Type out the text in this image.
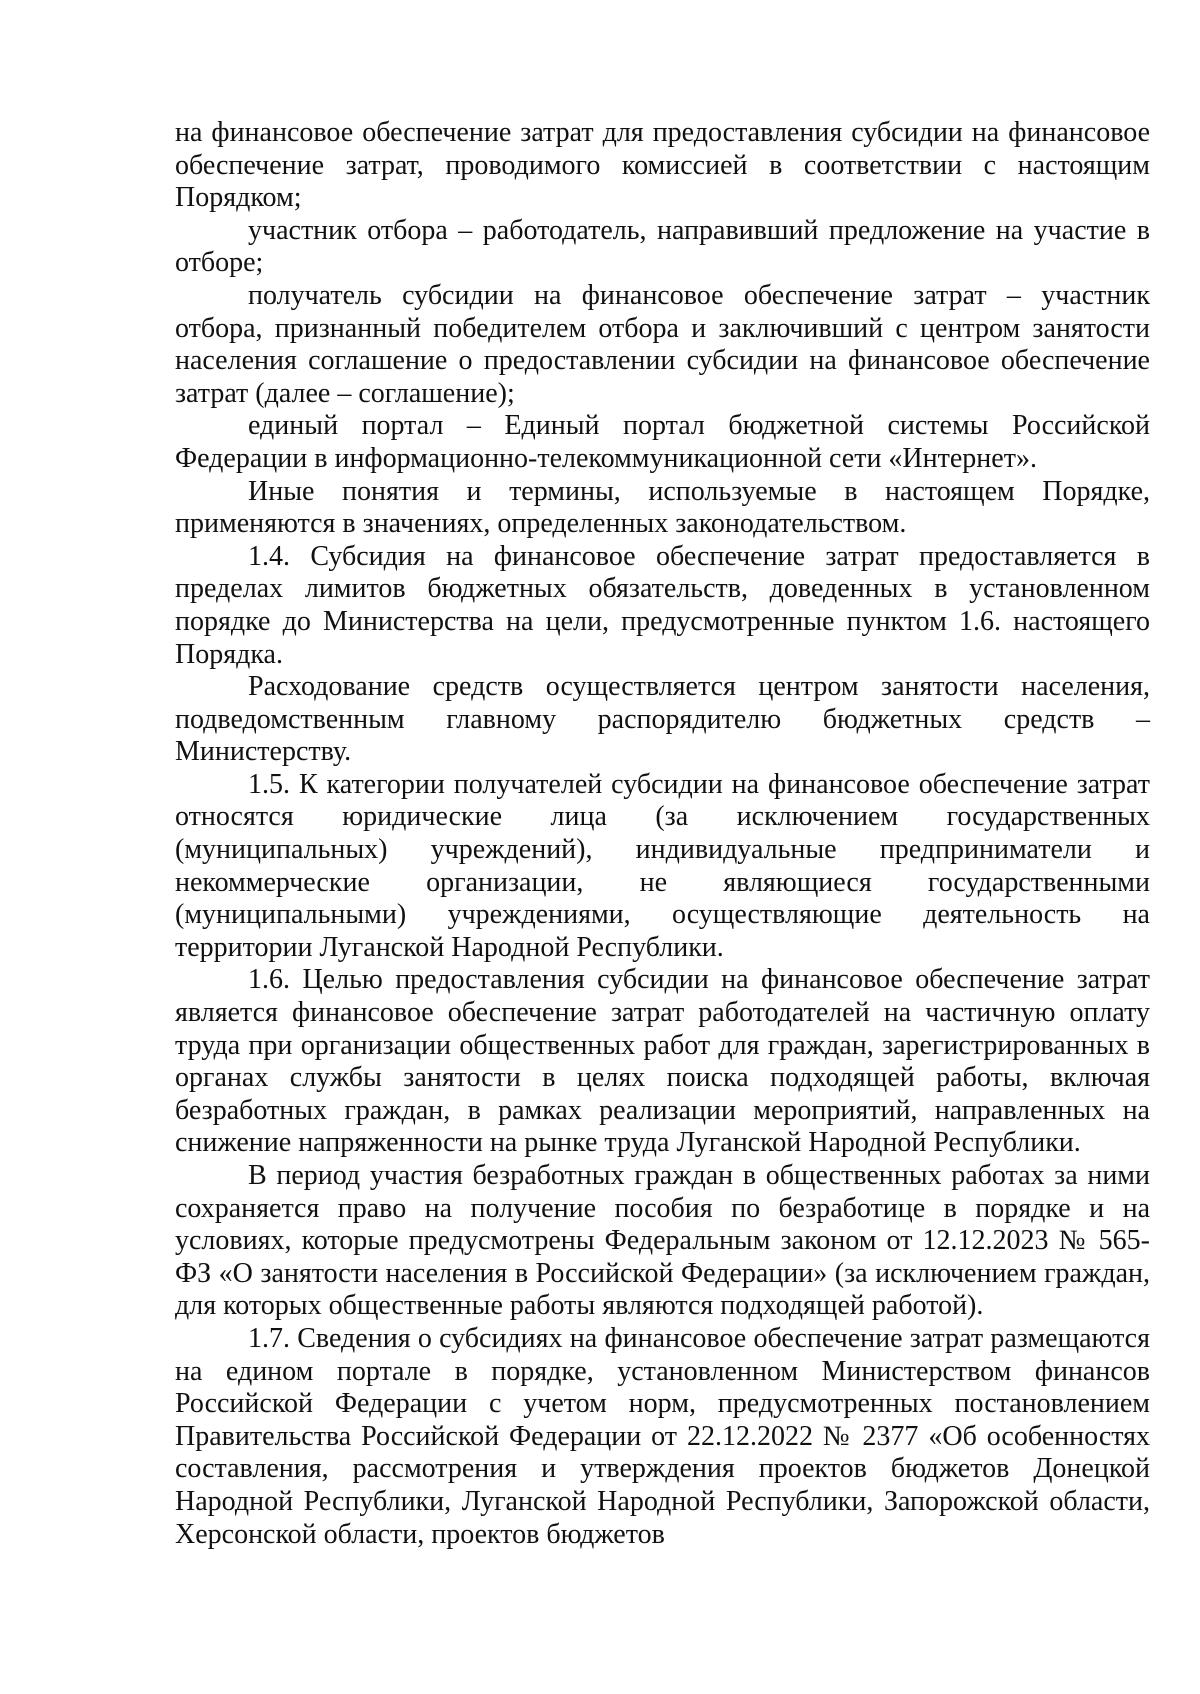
на финансовое обеспечение затрат для предоставления субсидии на финансовое обеспечение затрат, проводимого комиссией в соответствии с настоящим Порядком;

участник отбора – работодатель, направивший предложение на участие в отборе;

получатель субсидии на финансовое обеспечение затрат – участник отбора, признанный победителем отбора и заключивший с центром занятости населения соглашение о предоставлении субсидии на финансовое обеспечение затрат (далее – соглашение);

единый портал – Единый портал бюджетной системы Российской Федерации в информационно-телекоммуникационной сети «Интернет».

Иные понятия и термины, используемые в настоящем Порядке, применяются в значениях, определенных законодательством.

1.4. Субсидия на финансовое обеспечение затрат предоставляется в пределах лимитов бюджетных обязательств, доведенных в установленном порядке до Министерства на цели, предусмотренные пунктом 1.6. настоящего Порядка.

Расходование средств осуществляется центром занятости населения, подведомственным главному распорядителю бюджетных средств – Министерству.

1.5. К категории получателей субсидии на финансовое обеспечение затрат относятся юридические лица (за исключением государственных (муниципальных) учреждений), индивидуальные предприниматели и некоммерческие организации, не являющиеся государственными (муниципальными) учреждениями, осуществляющие деятельность на территории Луганской Народной Республики.

1.6. Целью предоставления субсидии на финансовое обеспечение затрат является финансовое обеспечение затрат работодателей на частичную оплату труда при организации общественных работ для граждан, зарегистрированных в органах службы занятости в целях поиска подходящей работы, включая безработных граждан, в рамках реализации мероприятий, направленных на снижение напряженности на рынке труда Луганской Народной Республики.

В период участия безработных граждан в общественных работах за ними сохраняется право на получение пособия по безработице в порядке и на условиях, которые предусмотрены Федеральным законом от 12.12.2023 № 565-ФЗ «О занятости населения в Российской Федерации» (за исключением граждан, для которых общественные работы являются подходящей работой).

1.7. Сведения о субсидиях на финансовое обеспечение затрат размещаются на едином портале в порядке, установленном Министерством финансов Российской Федерации с учетом норм, предусмотренных постановлением Правительства Российской Федерации от 22.12.2022 № 2377 «Об особенностях составления, рассмотрения и утверждения проектов бюджетов Донецкой Народной Республики, Луганской Народной Республики, Запорожской области, Херсонской области, проектов бюджетов
